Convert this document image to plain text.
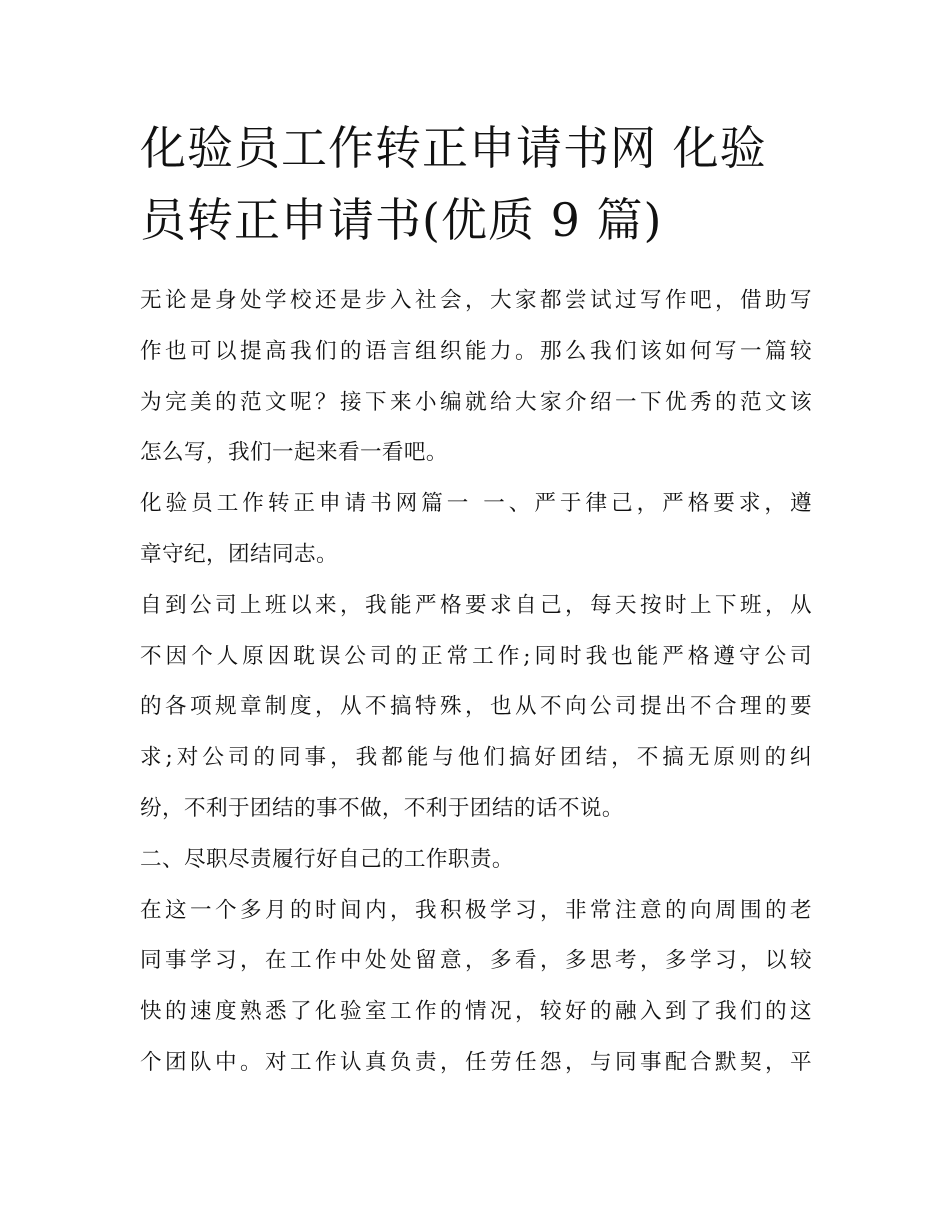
化验员工作转正申请书网 化验
员转正申请书(优质 9 篇)

无论是身处学校还是步入社会，大家都尝试过写作吧，借助写
作也可以提高我们的语言组织能力。那么我们该如何写一篇较
为完美的范文呢？接下来小编就给大家介绍一下优秀的范文该
怎么写，我们一起来看一看吧。

化验员工作转正申请书网篇一 一、严于律己，严格要求，遵
章守纪，团结同志。

自到公司上班以来，我能严格要求自己，每天按时上下班，从
不因个人原因耽误公司的正常工作;同时我也能严格遵守公司
的各项规章制度，从不搞特殊，也从不向公司提出不合理的要
求;对公司的同事，我都能与他们搞好团结，不搞无原则的纠
纷，不利于团结的事不做，不利于团结的话不说。

二、尽职尽责履行好自己的工作职责。

在这一个多月的时间内，我积极学习，非常注意的向周围的老
同事学习，在工作中处处留意，多看，多思考，多学习，以较
快的速度熟悉了化验室工作的情况，较好的融入到了我们的这
个团队中。对工作认真负责，任劳任怨，与同事配合默契，平
